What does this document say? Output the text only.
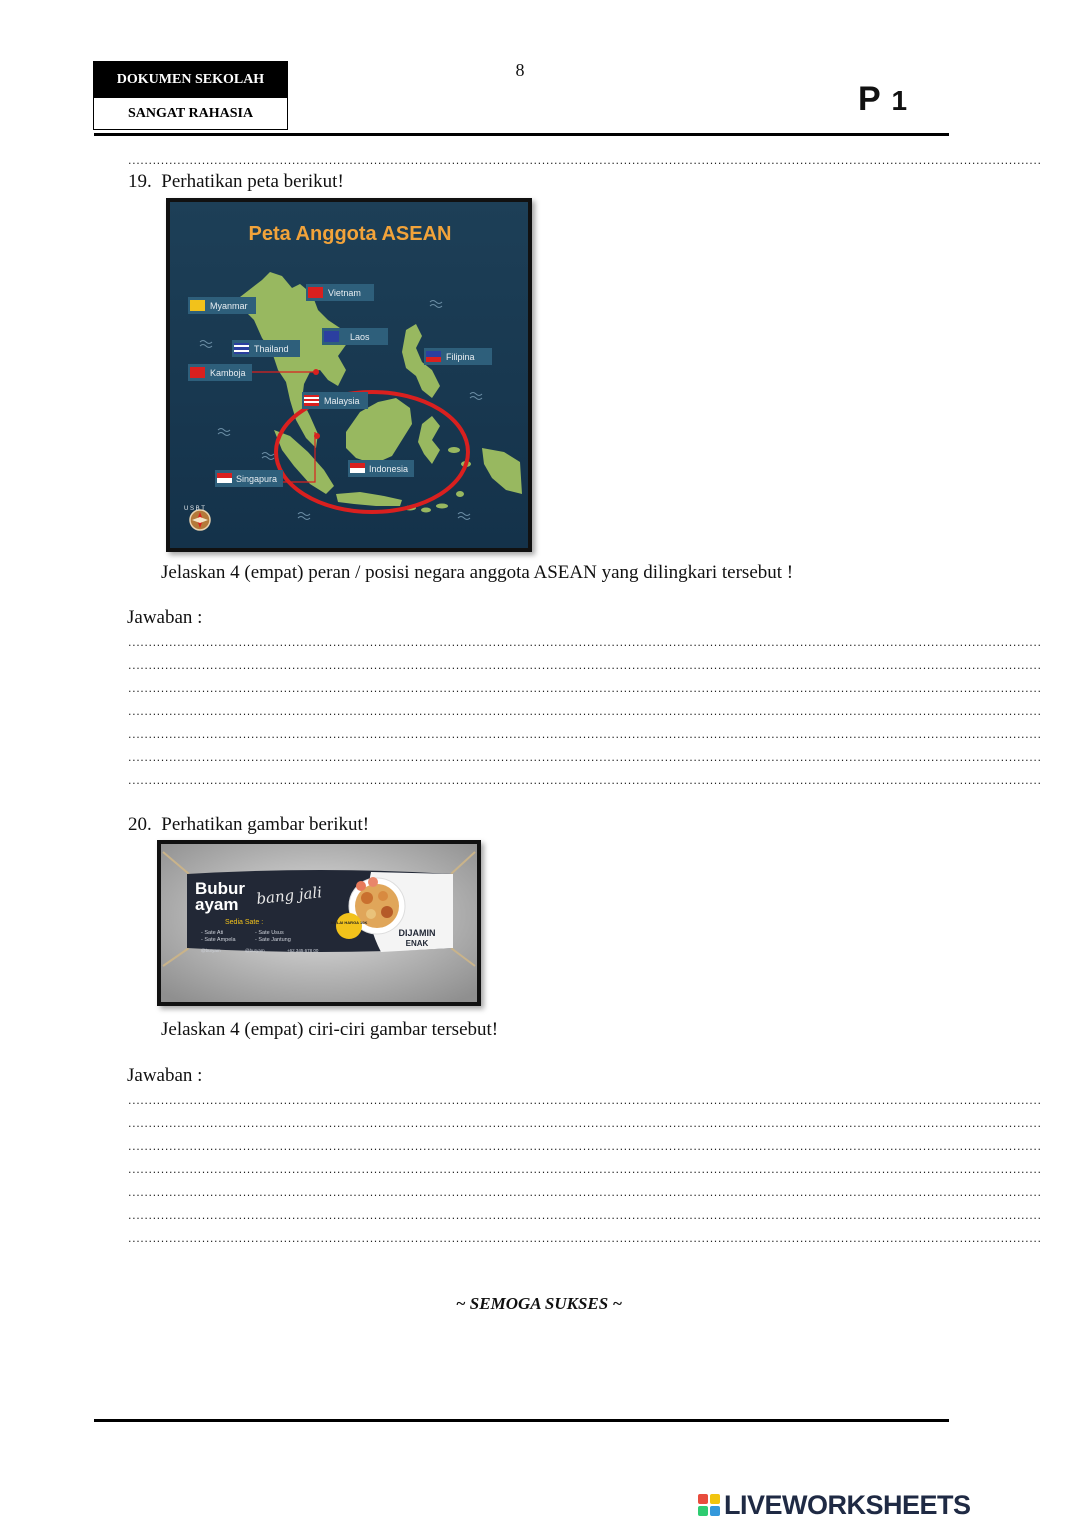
DOKUMEN SEKOLAH
SANGAT RAHASIA
8
P 1
...............................................................................................................................................................................................................................
19. Perhatikan peta berikut!
Peta Anggota ASEAN
Myanmar
Vietnam
Laos
Thailand
Filipina
Kamboja
Malaysia
Indonesia
Singapura
U S B T
Jelaskan 4 (empat) peran / posisi negara anggota ASEAN yang dilingkari tersebut !
Jawaban :
...............................................................................................................................................................................................................................
...............................................................................................................................................................................................................................
...............................................................................................................................................................................................................................
...............................................................................................................................................................................................................................
...............................................................................................................................................................................................................................
...............................................................................................................................................................................................................................
...............................................................................................................................................................................................................................
20. Perhatikan gambar berikut!
MULAI HARGA 10K
Bubur
ayam bang jali
Sedia Sate :
- Sate Ati
- Sate Ampela
- Sate Usus
- Sate Jantung
@buryam	@buryam	+62 345 678 00
DIJAMIN
ENAK
Jelaskan 4 (empat) ciri-ciri gambar tersebut!
Jawaban :
...............................................................................................................................................................................................................................
...............................................................................................................................................................................................................................
...............................................................................................................................................................................................................................
...............................................................................................................................................................................................................................
...............................................................................................................................................................................................................................
...............................................................................................................................................................................................................................
...............................................................................................................................................................................................................................
~ SEMOGA SUKSES ~
LIVEWORKSHEETS
